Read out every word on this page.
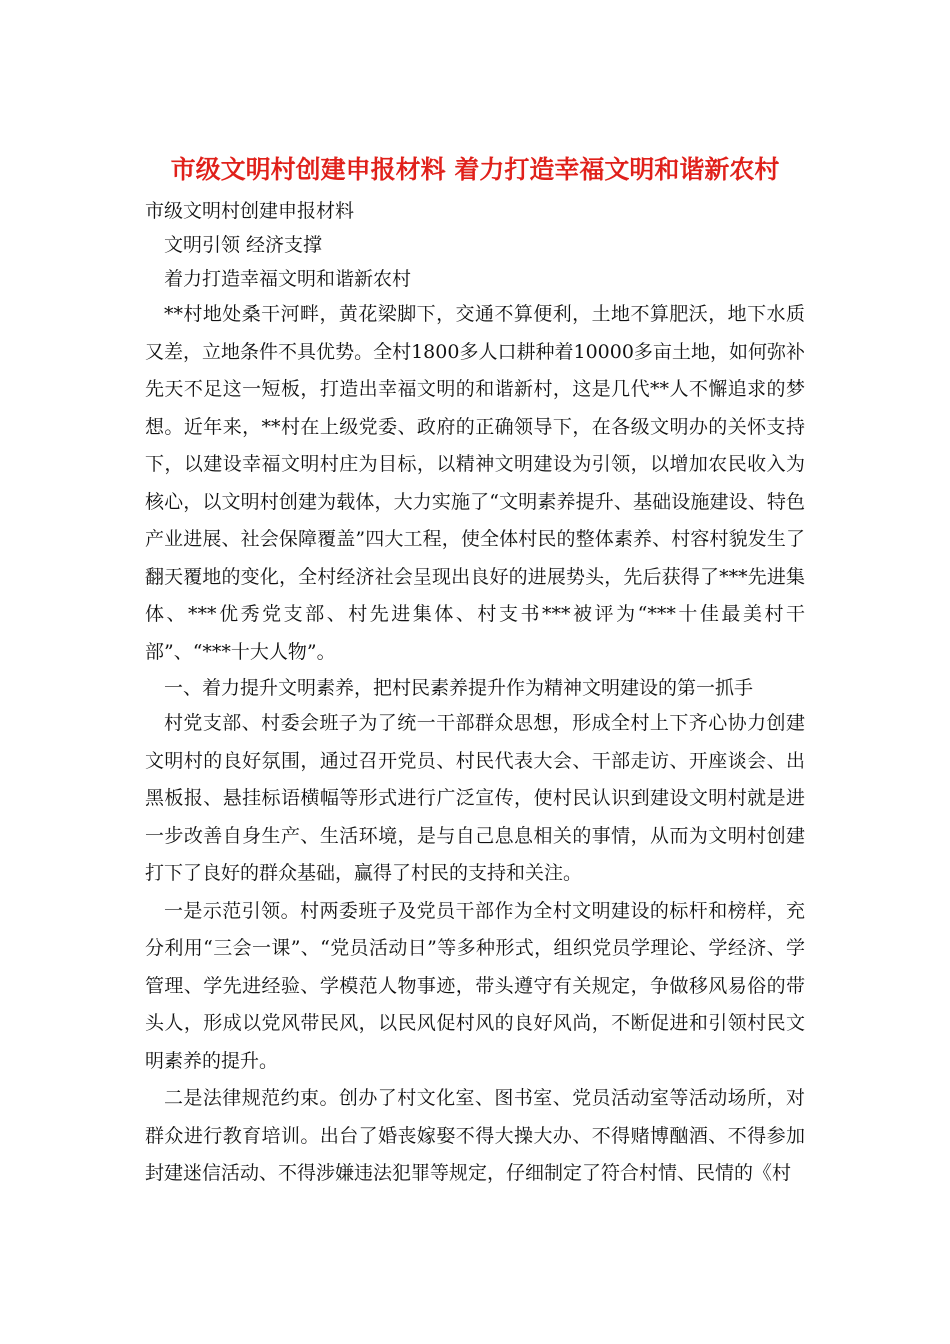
市级文明村创建申报材料 着力打造幸福文明和谐新农村
市级文明村创建申报材料
文明引领 经济支撑
着力打造幸福文明和谐新农村

**村地处桑干河畔，黄花梁脚下，交通不算便利，土地不算肥沃，地下水质又差，立地条件不具优势。全村1800多人口耕种着10000多亩土地，如何弥补先天不足这一短板，打造出幸福文明的和谐新村，这是几代**人不懈追求的梦想。近年来，**村在上级党委、政府的正确领导下，在各级文明办的关怀支持下，以建设幸福文明村庄为目标，以精神文明建设为引领，以增加农民收入为核心，以文明村创建为载体，大力实施了“文明素养提升、基础设施建设、特色产业进展、社会保障覆盖”四大工程，使全体村民的整体素养、村容村貌发生了翻天覆地的变化，全村经济社会呈现出良好的进展势头，先后获得了***先进集体、***优秀党支部、村先进集体、村支书***被评为“***十佳最美村干部”、“***十大人物”。

一、着力提升文明素养，把村民素养提升作为精神文明建设的第一抓手

村党支部、村委会班子为了统一干部群众思想，形成全村上下齐心协力创建文明村的良好氛围，通过召开党员、村民代表大会、干部走访、开座谈会、出黑板报、悬挂标语横幅等形式进行广泛宣传，使村民认识到建设文明村就是进一步改善自身生产、生活环境，是与自己息息相关的事情，从而为文明村创建打下了良好的群众基础，赢得了村民的支持和关注。

一是示范引领。村两委班子及党员干部作为全村文明建设的标杆和榜样，充分利用“三会一课”、“党员活动日”等多种形式，组织党员学理论、学经济、学管理、学先进经验、学模范人物事迹，带头遵守有关规定，争做移风易俗的带头人，形成以党风带民风，以民风促村风的良好风尚，不断促进和引领村民文明素养的提升。

二是法律规范约束。创办了村文化室、图书室、党员活动室等活动场所，对群众进行教育培训。出台了婚丧嫁娶不得大操大办、不得赌博酗酒、不得参加封建迷信活动、不得涉嫌违法犯罪等规定，仔细制定了符合村情、民情的《村
